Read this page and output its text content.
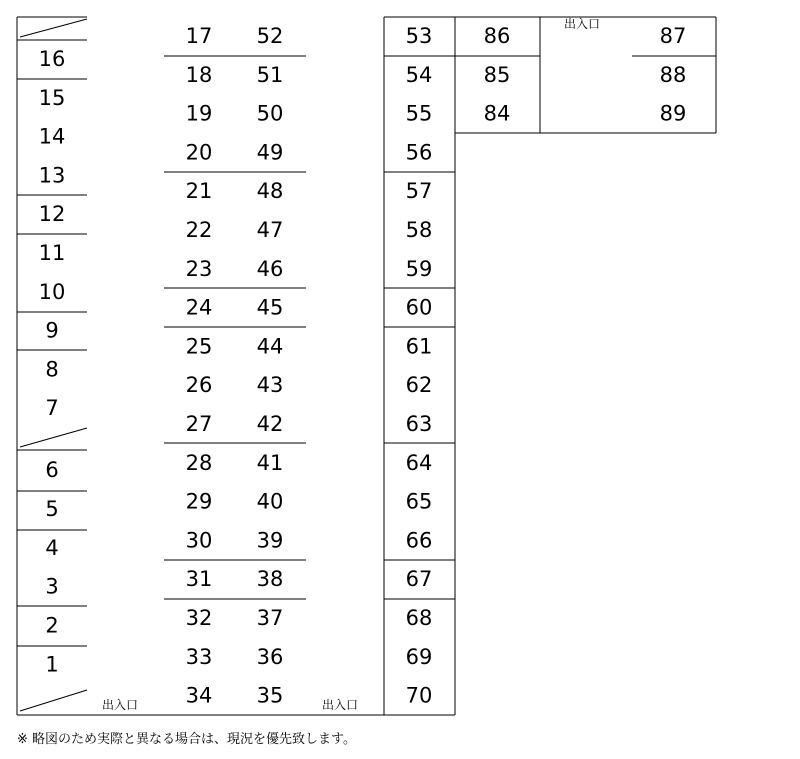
出入口	出入口
出入口
16
15
14
13
12
11
10
9
8
7
6
5
4
3
2
1
17
18
19
20
21
22
23
24
25
26
27
28
29
30
31
32
33
34
52
51
50
49
48
47
46
45
44
43
42
41
40
39
38
37
36
35
53
54
55
56
57
58
59
60
61
62
63
64
65
66
67
68
69
70
86
85
84
87
88
89
※ 略図のため実際と異なる場合は、現況を優先致します。
